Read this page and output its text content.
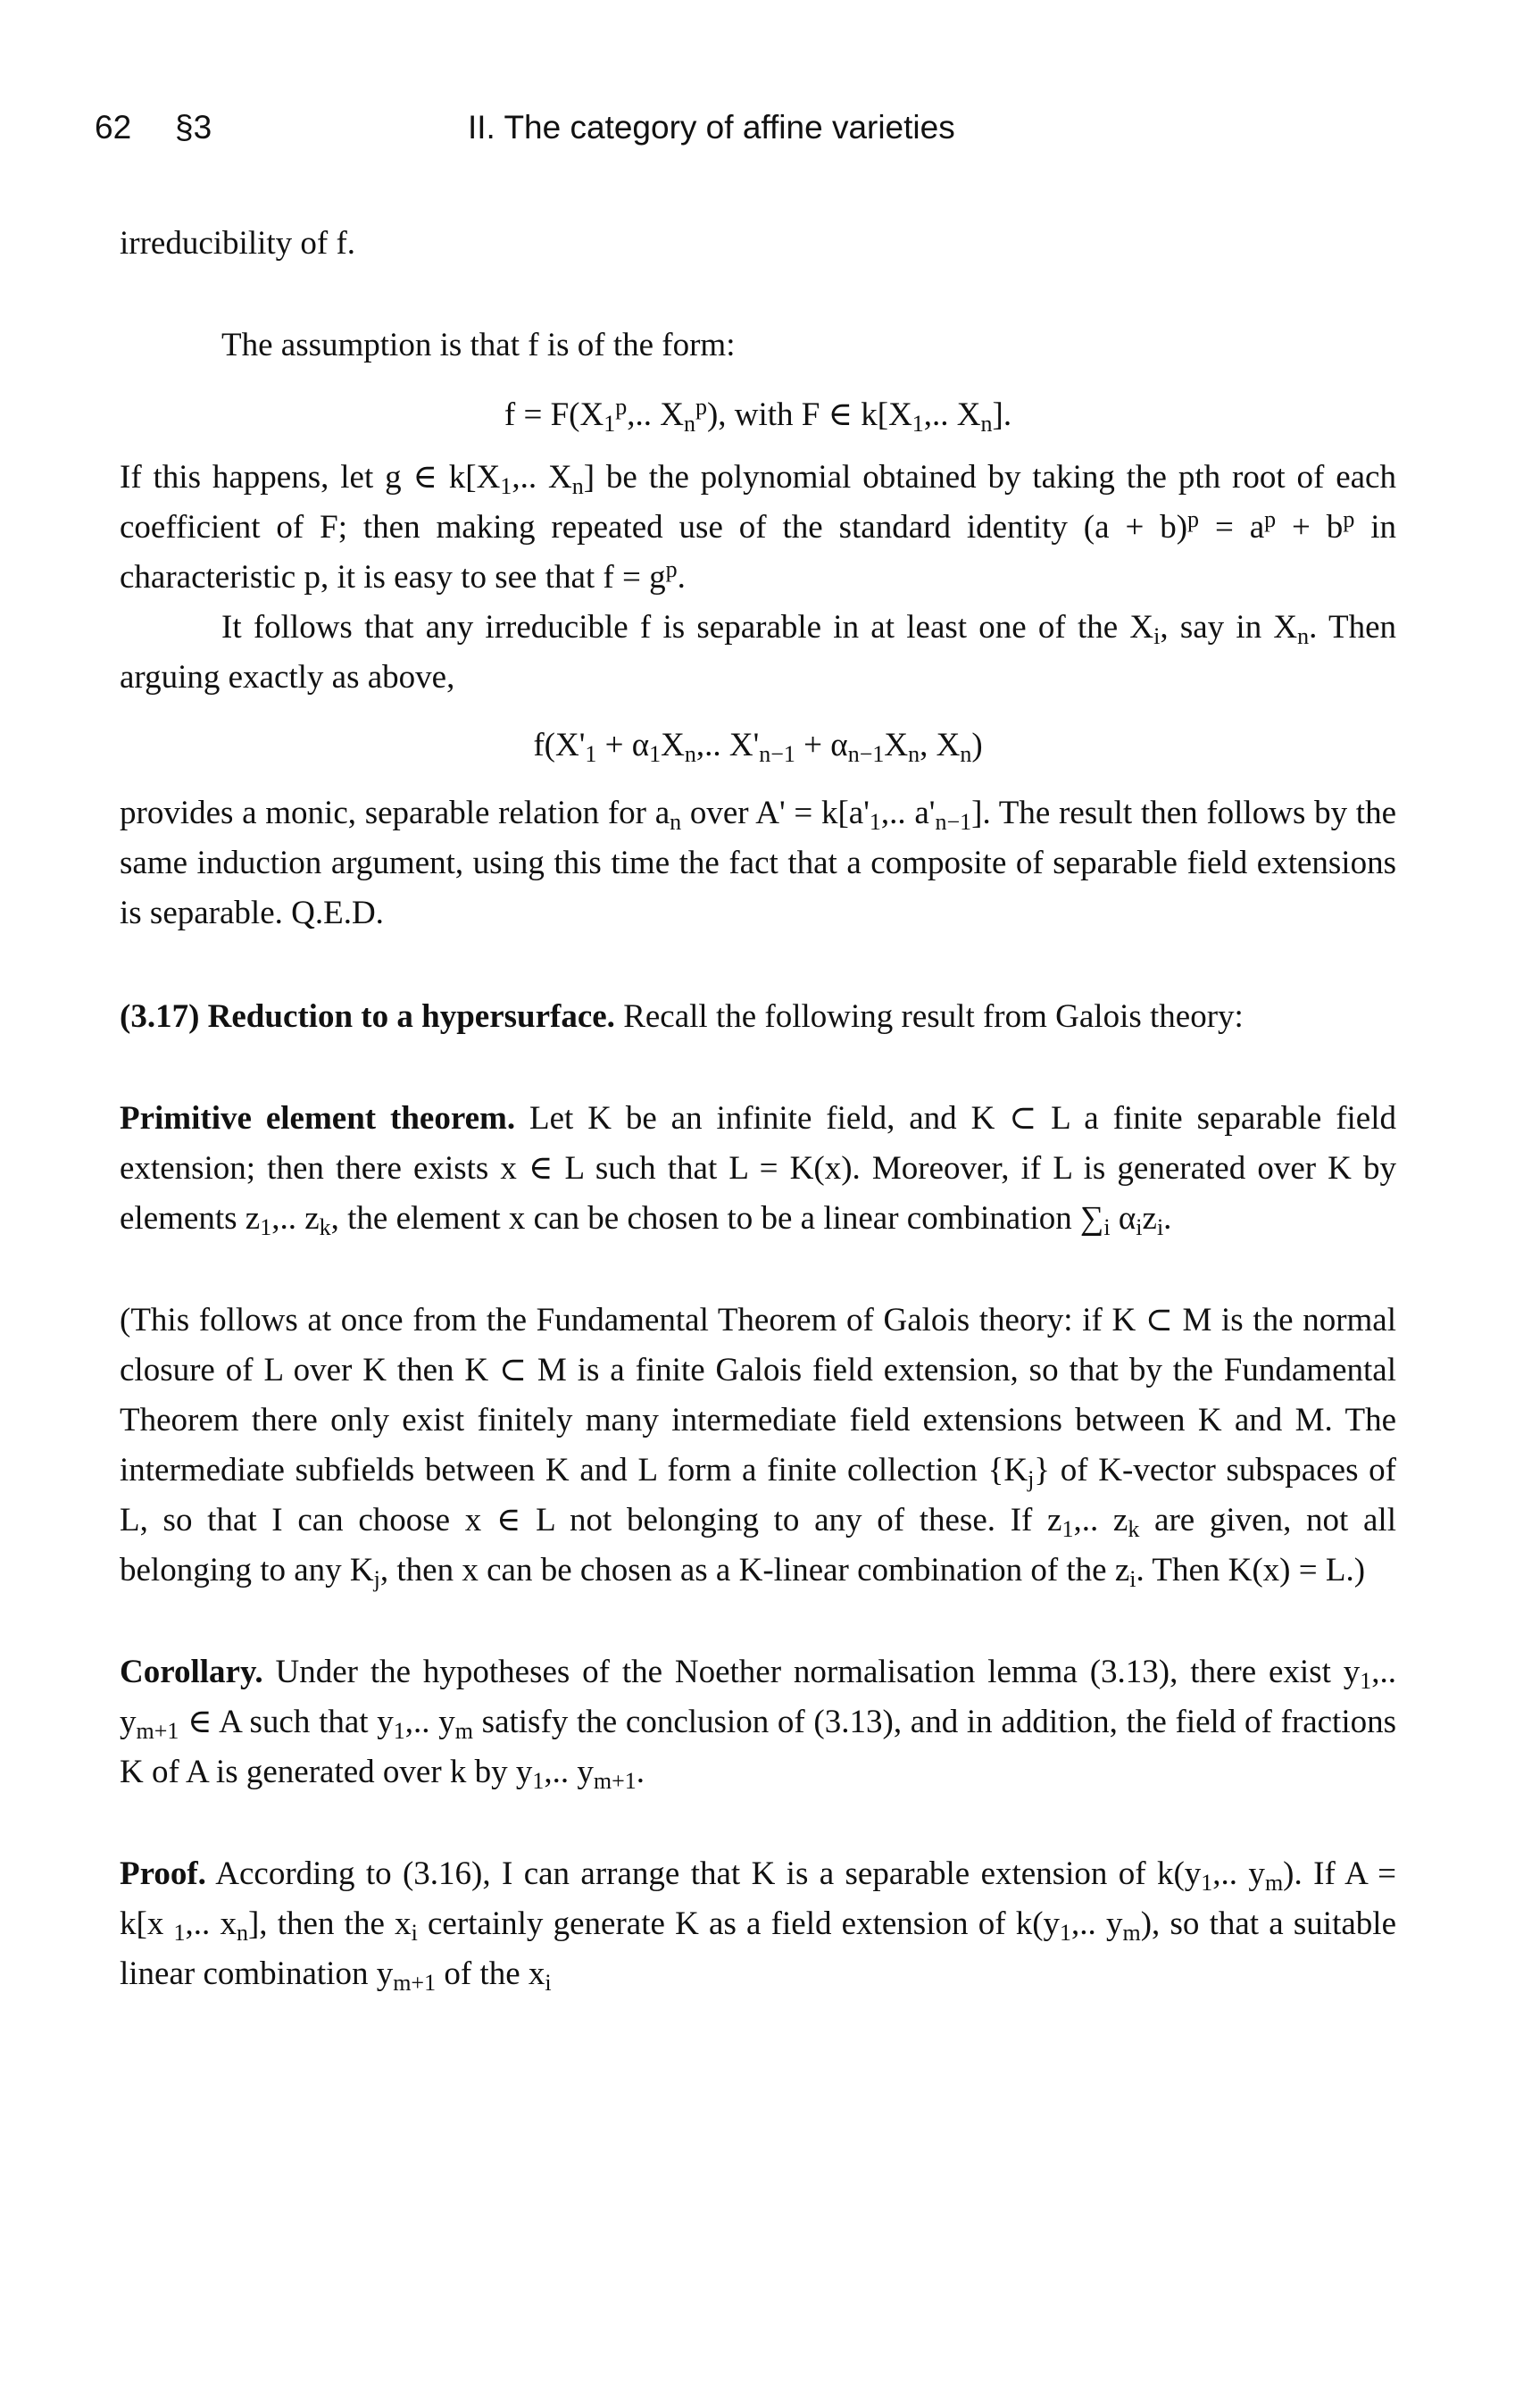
62 §3	II. The category of affine varieties

irreducibility of f.

The assumption is that f is of the form:

$f = F(X_1^p$,.. $X_n^p$), with F ∈ $k[X_1$,.. $X_n$].

If this happens, let g ∈ $k[X_1$,.. $X_n$] be the polynomial obtained by taking the pth root of each coefficient of F; then making repeated use of the standard identity $(a + b)^p = a^p + b^p$ in characteristic p, it is easy to see that $f = g^p$.

It follows that any irreducible f is separable in at least one of the $X_i$, say in $X_n$. Then arguing exactly as above,

$f(X'_1 + \alpha_1X_n$,.. $X'_{n-1} + \alpha_{n-1}X_n$, $X_n$)

provides a monic, separable relation for $a_n$ over $A' = k[a'_1$,.. $a'_{n-1}$]. The result then follows by the same induction argument, using this time the fact that a composite of separable field extensions is separable. Q.E.D.

(3.17) Reduction to a hypersurface. Recall the following result from Galois theory:

Primitive element theorem. Let K be an infinite field, and K ⊂ L a finite separable field extension; then there exists x ∈ L such that L = K(x). Moreover, if L is generated over K by elements $z_1$,.. $z_k$, the element x can be chosen to be a linear combination $\sum_i$ $\alpha_iz_i$.

(This follows at once from the Fundamental Theorem of Galois theory: if K ⊂ M is the normal closure of L over K then K ⊂ M is a finite Galois field extension, so that by the Fundamental Theorem there only exist finitely many intermediate field extensions between K and M. The intermediate subfields between K and L form a finite collection $\{K_j\}$ of K-vector subspaces of L, so that I can choose x ∈ L not belonging to any of these. If $z_1$,.. $z_k$ are given, not all belonging to any $K_j$, then x can be chosen as a K-linear combination of the $z_i$. Then K(x) = L.)

Corollary. Under the hypotheses of the Noether normalisation lemma (3.13), there exist $y_1$,.. $y_{m+1}$ ∈ A such that $y_1$,.. $y_m$ satisfy the conclusion of (3.13), and in addition, the field of fractions K of A is generated over k by $y_1$,.. $y_{m+1}$.

Proof. According to (3.16), I can arrange that K is a separable extension of $k(y_1$,.. $y_m$). If A = k[x $_1$,.. $x_n$], then the $x_i$ certainly generate K as a field extension of $k(y_1$,.. $y_m$), so that a suitable linear combination $y_{m+1}$ of the $x_i$
